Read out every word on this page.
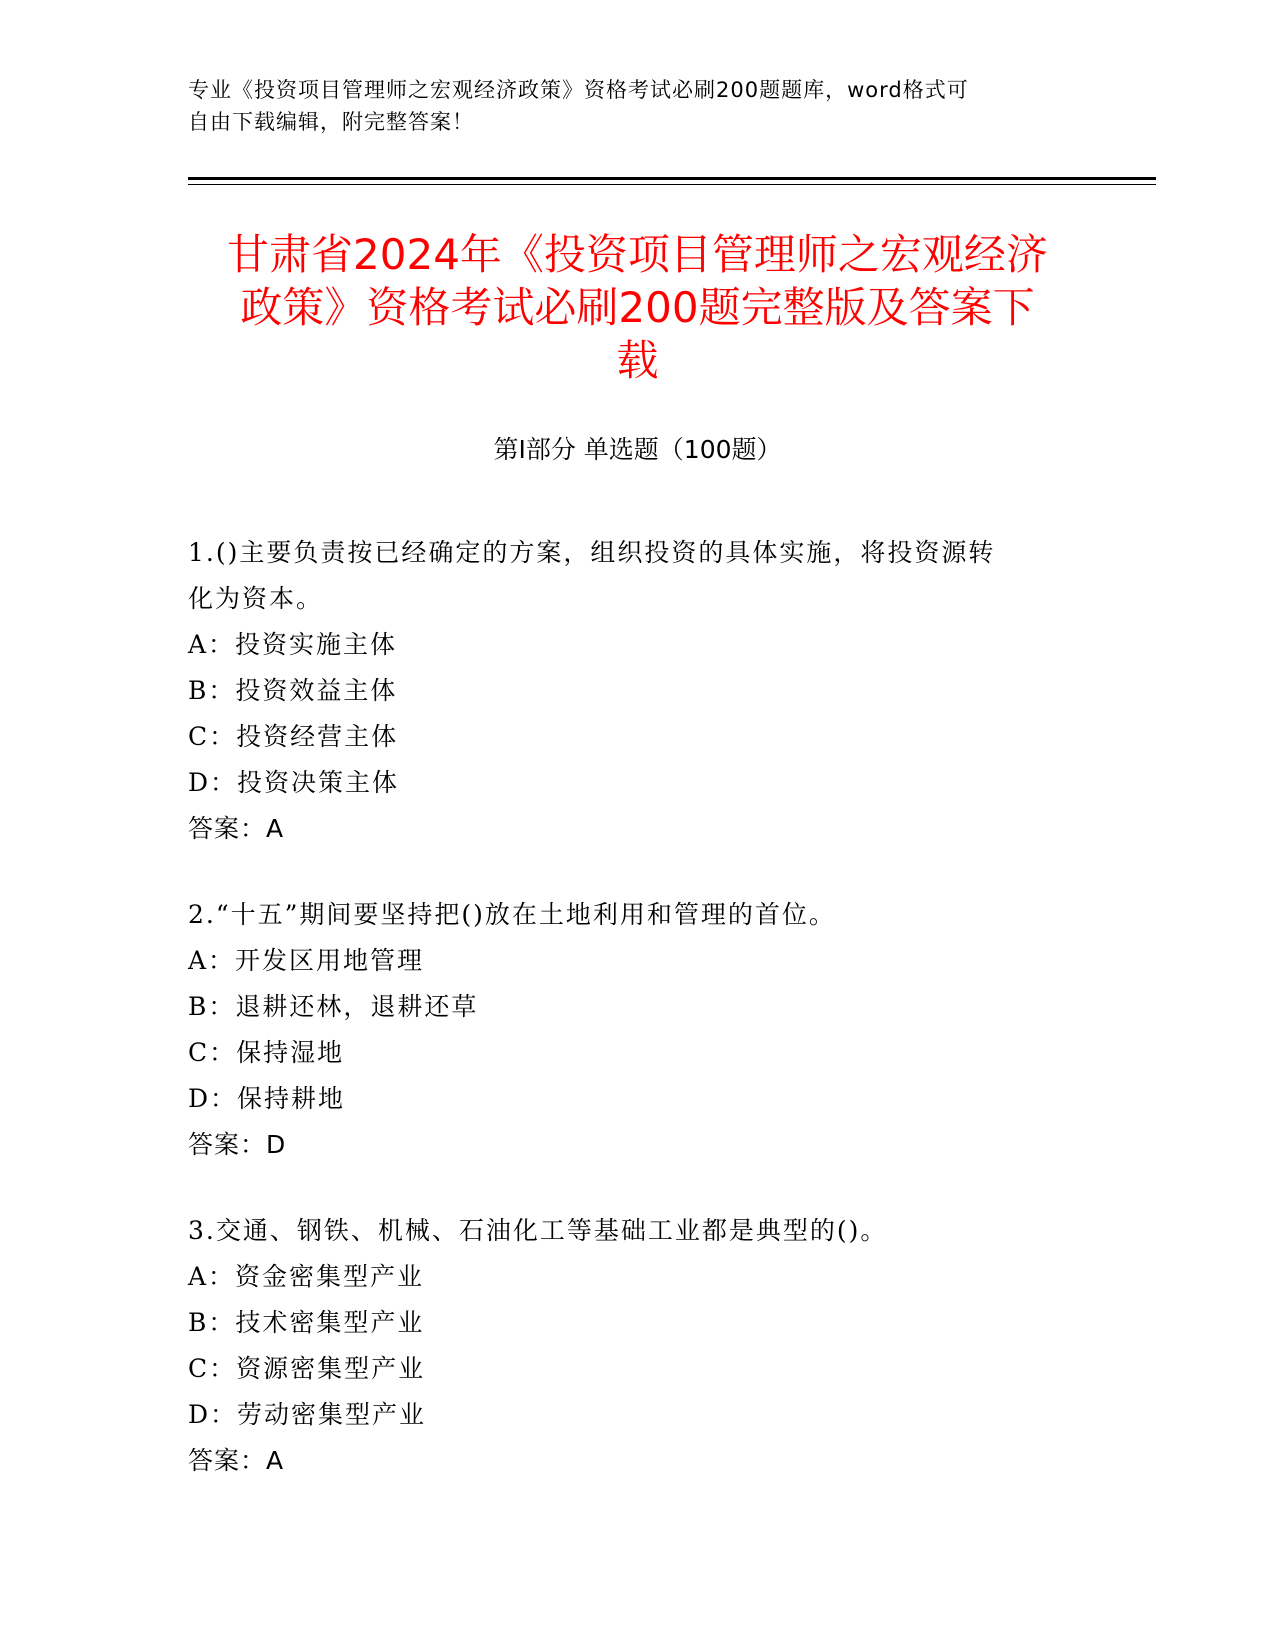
专业《投资项目管理师之宏观经济政策》资格考试必刷200题题库，word格式可
自由下载编辑，附完整答案！
甘肃省2024年《投资项目管理师之宏观经济
政策》资格考试必刷200题完整版及答案下
载
第Ⅰ部分 单选题（100题）
1.()主要负责按已经确定的方案，组织投资的具体实施，将投资源转
化为资本。
A：投资实施主体
B：投资效益主体
C：投资经营主体
D：投资决策主体
答案：A
2.“十五”期间要坚持把()放在土地利用和管理的首位。
A：开发区用地管理
B：退耕还林，退耕还草
C：保持湿地
D：保持耕地
答案：D
3.交通、钢铁、机械、石油化工等基础工业都是典型的()。
A：资金密集型产业
B：技术密集型产业
C：资源密集型产业
D：劳动密集型产业
答案：A
